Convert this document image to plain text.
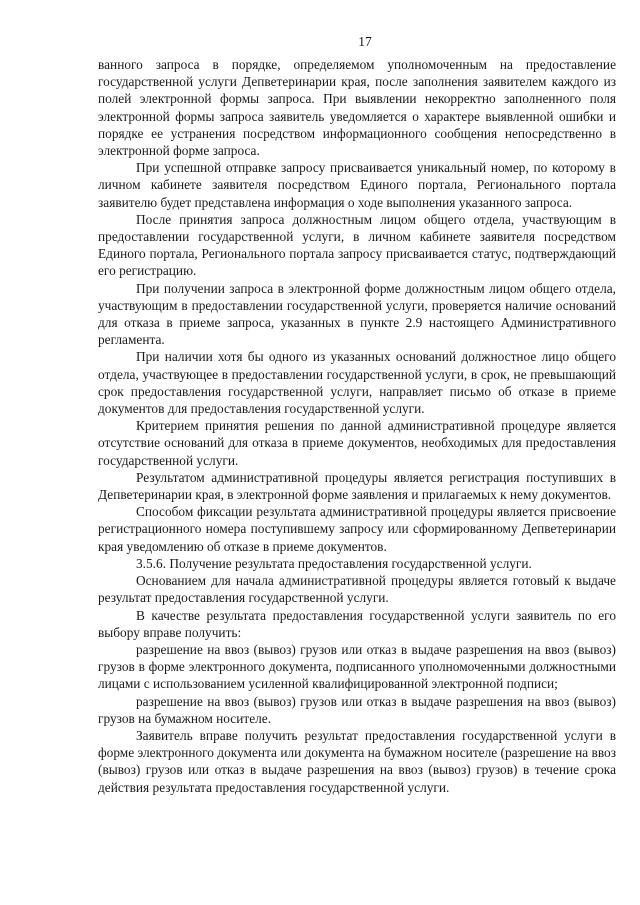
17

ванного запроса в порядке, определяемом уполномоченным на предоставление государственной услуги Депветеринарии края, после заполнения заявителем каждого из полей электронной формы запроса. При выявлении некорректно заполненного поля электронной формы запроса заявитель уведомляется о характере выявленной ошибки и порядке ее устранения посредством информационного сообщения непосредственно в электронной форме запроса.

При успешной отправке запросу присваивается уникальный номер, по которому в личном кабинете заявителя посредством Единого портала, Регионального портала заявителю будет представлена информация о ходе выполнения указанного запроса.

После принятия запроса должностным лицом общего отдела, участвующим в предоставлении государственной услуги, в личном кабинете заявителя посредством Единого портала, Регионального портала запросу присваивается статус, подтверждающий его регистрацию.

При получении запроса в электронной форме должностным лицом общего отдела, участвующим в предоставлении государственной услуги, проверяется наличие оснований для отказа в приеме запроса, указанных в пункте 2.9 настоящего Административного регламента.

При наличии хотя бы одного из указанных оснований должностное лицо общего отдела, участвующее в предоставлении государственной услуги, в срок, не превышающий срок предоставления государственной услуги, направляет письмо об отказе в приеме документов для предоставления государственной услуги.

Критерием принятия решения по данной административной процедуре является отсутствие оснований для отказа в приеме документов, необходимых для предоставления государственной услуги.

Результатом административной процедуры является регистрация поступивших в Депветеринарии края, в электронной форме заявления и прилагаемых к нему документов.

Способом фиксации результата административной процедуры является присвоение регистрационного номера поступившему запросу или сформированному Депветеринарии края уведомлению об отказе в приеме документов.

3.5.6. Получение результата предоставления государственной услуги.

Основанием для начала административной процедуры является готовый к выдаче результат предоставления государственной услуги.

В качестве результата предоставления государственной услуги заявитель по его выбору вправе получить:

разрешение на ввоз (вывоз) грузов или отказ в выдаче разрешения на ввоз (вывоз) грузов в форме электронного документа, подписанного уполномоченными должностными лицами с использованием усиленной квалифицированной электронной подписи;

разрешение на ввоз (вывоз) грузов или отказ в выдаче разрешения на ввоз (вывоз) грузов на бумажном носителе.

Заявитель вправе получить результат предоставления государственной услуги в форме электронного документа или документа на бумажном носителе (разрешение на ввоз (вывоз) грузов или отказ в выдаче разрешения на ввоз (вывоз) грузов) в течение срока действия результата предоставления государственной услуги.
